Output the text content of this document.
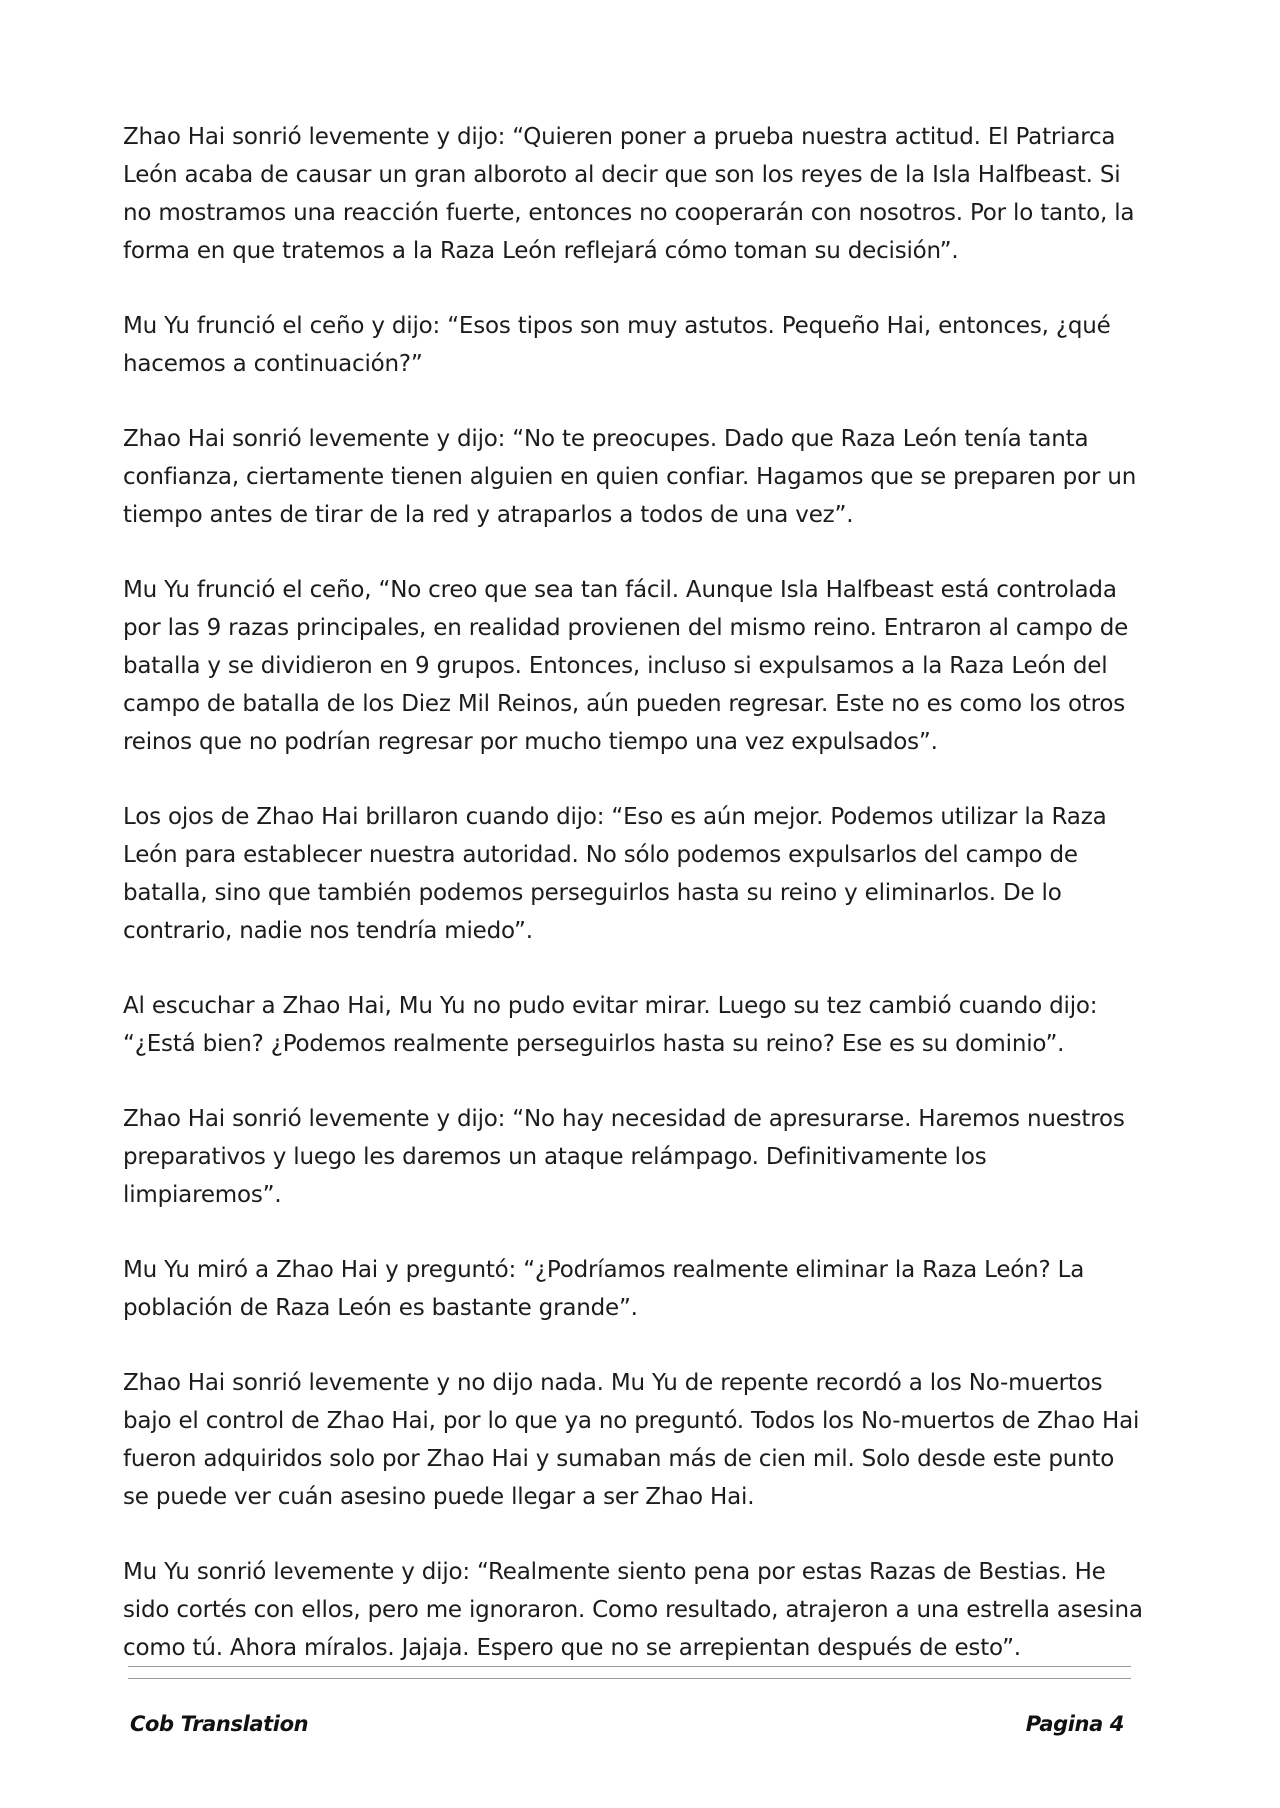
Zhao Hai sonrió levemente y dijo: “Quieren poner a prueba nuestra actitud. El Patriarca León acaba de causar un gran alboroto al decir que son los reyes de la Isla Halfbeast. Si no mostramos una reacción fuerte, entonces no cooperarán con nosotros. Por lo tanto, la forma en que tratemos a la Raza León reflejará cómo toman su decisión”.

Mu Yu frunció el ceño y dijo: “Esos tipos son muy astutos. Pequeño Hai, entonces, ¿qué hacemos a continuación?”

Zhao Hai sonrió levemente y dijo: “No te preocupes. Dado que Raza León tenía tanta confianza, ciertamente tienen alguien en quien confiar. Hagamos que se preparen por un tiempo antes de tirar de la red y atraparlos a todos de una vez”.

Mu Yu frunció el ceño, “No creo que sea tan fácil. Aunque Isla Halfbeast está controlada por las 9 razas principales, en realidad provienen del mismo reino. Entraron al campo de batalla y se dividieron en 9 grupos. Entonces, incluso si expulsamos a la Raza León del campo de batalla de los Diez Mil Reinos, aún pueden regresar. Este no es como los otros reinos que no podrían regresar por mucho tiempo una vez expulsados”.

Los ojos de Zhao Hai brillaron cuando dijo: “Eso es aún mejor. Podemos utilizar la Raza León para establecer nuestra autoridad. No sólo podemos expulsarlos del campo de batalla, sino que también podemos perseguirlos hasta su reino y eliminarlos. De lo contrario, nadie nos tendría miedo”.

Al escuchar a Zhao Hai, Mu Yu no pudo evitar mirar. Luego su tez cambió cuando dijo: “¿Está bien? ¿Podemos realmente perseguirlos hasta su reino? Ese es su dominio”.

Zhao Hai sonrió levemente y dijo: “No hay necesidad de apresurarse. Haremos nuestros preparativos y luego les daremos un ataque relámpago. Definitivamente los limpiaremos”.

Mu Yu miró a Zhao Hai y preguntó: “¿Podríamos realmente eliminar la Raza León? La población de Raza León es bastante grande”.

Zhao Hai sonrió levemente y no dijo nada. Mu Yu de repente recordó a los No-muertos bajo el control de Zhao Hai, por lo que ya no preguntó. Todos los No-muertos de Zhao Hai fueron adquiridos solo por Zhao Hai y sumaban más de cien mil. Solo desde este punto se puede ver cuán asesino puede llegar a ser Zhao Hai.

Mu Yu sonrió levemente y dijo: “Realmente siento pena por estas Razas de Bestias. He sido cortés con ellos, pero me ignoraron. Como resultado, atrajeron a una estrella asesina como tú. Ahora míralos. Jajaja. Espero que no se arrepientan después de esto”.

Cob Translation	Pagina 4
